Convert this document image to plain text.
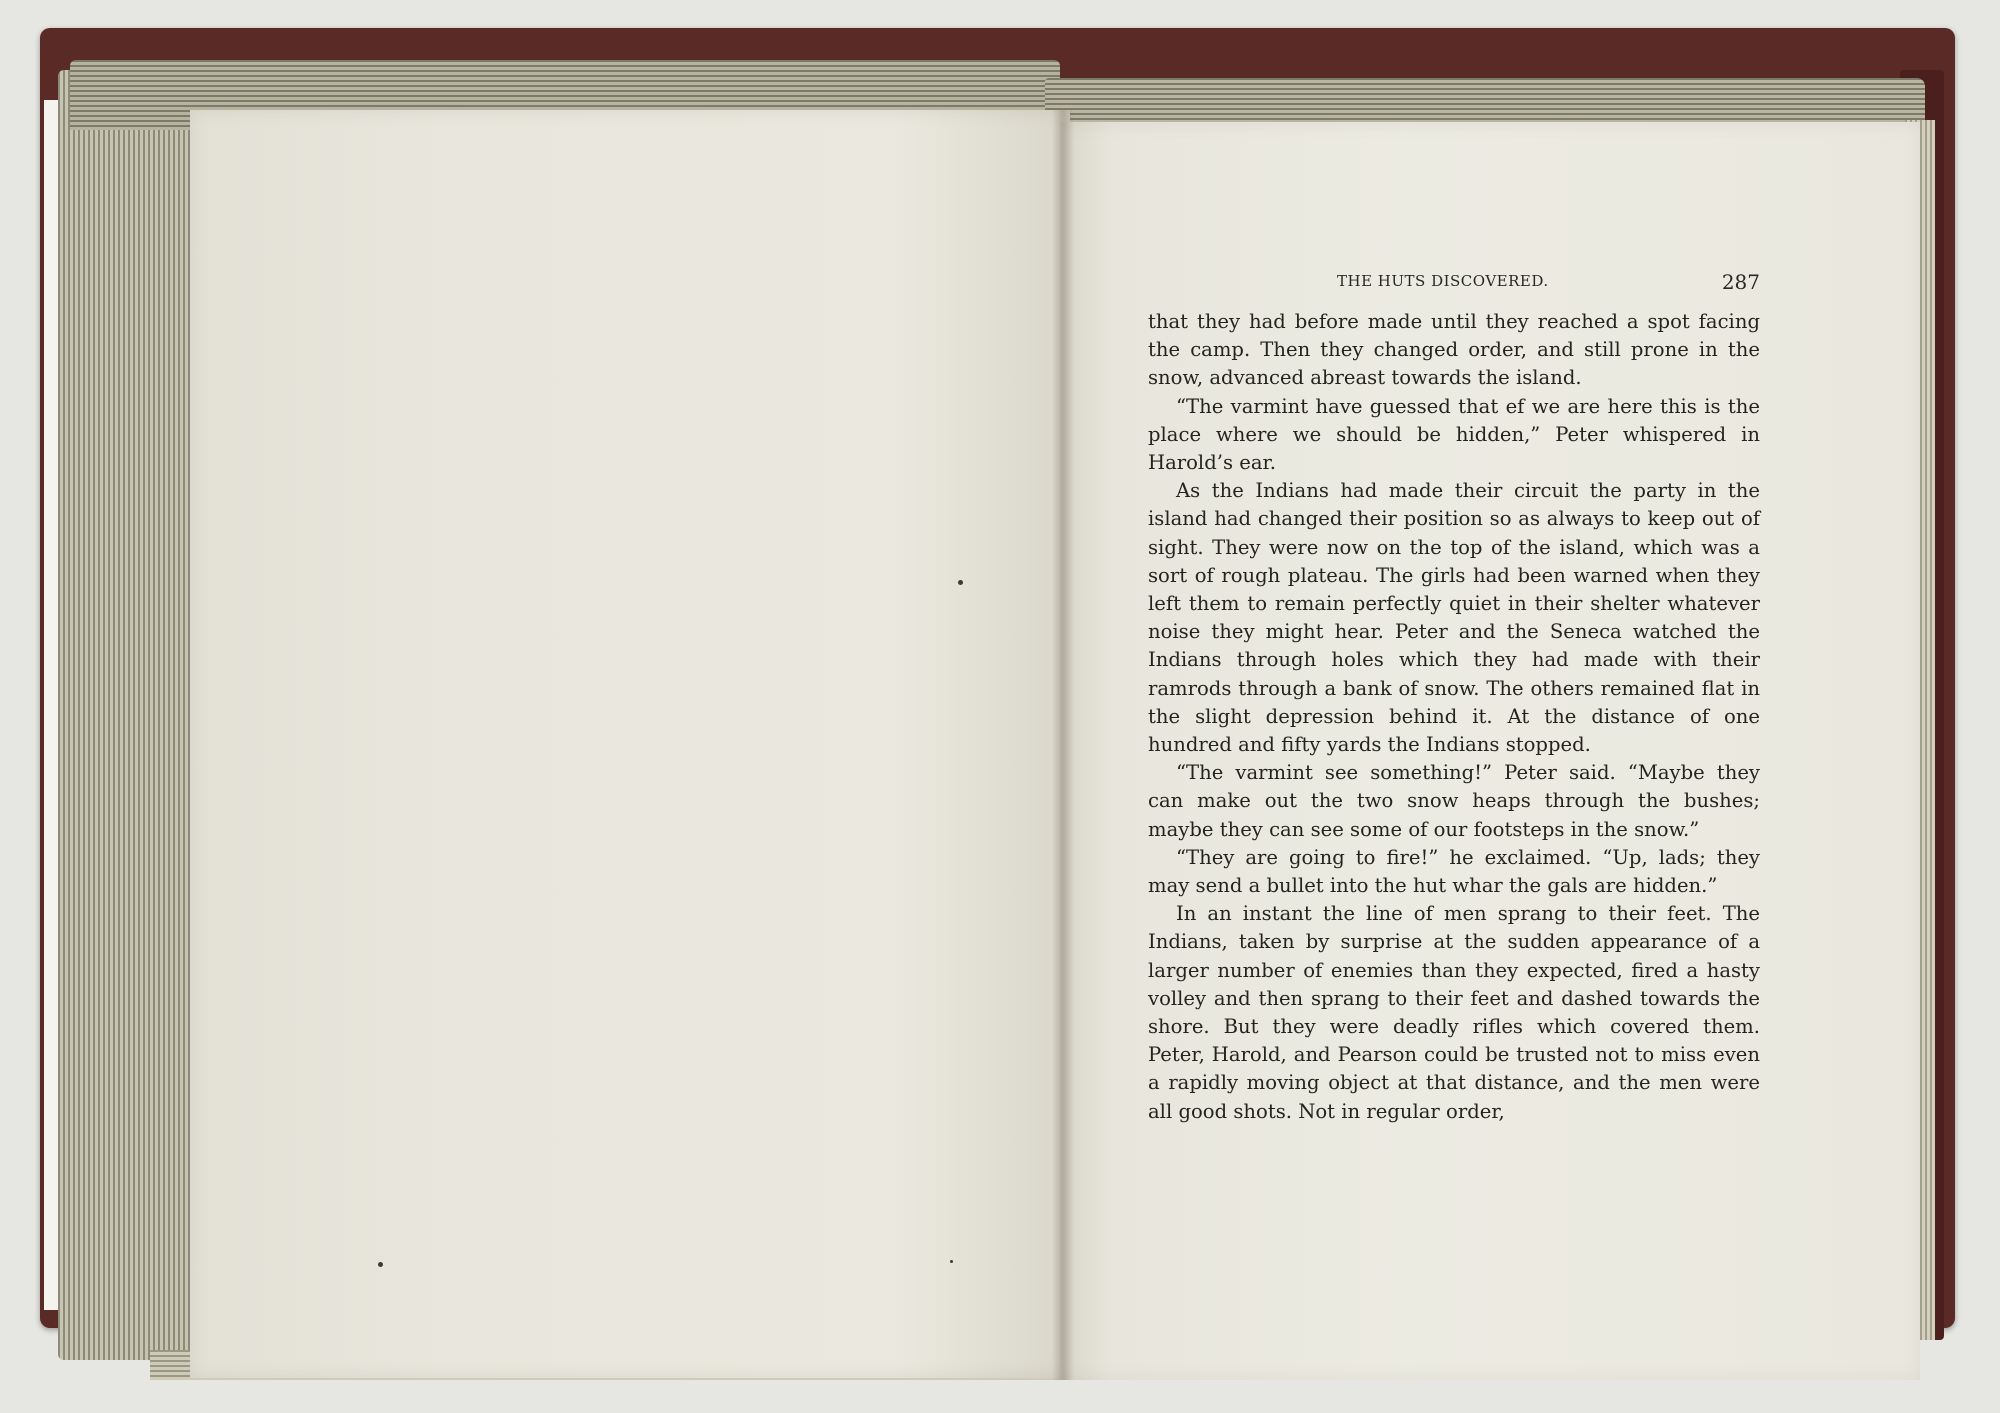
THE HUTS DISCOVERED.	287

that they had before made until they reached a spot facing the camp. Then they changed order, and still prone in the snow, advanced abreast towards the island.

“The varmint have guessed that ef we are here this is the place where we should be hidden,” Peter whispered in Harold’s ear.

As the Indians had made their circuit the party in the island had changed their position so as always to keep out of sight. They were now on the top of the island, which was a sort of rough plateau. The girls had been warned when they left them to remain perfectly quiet in their shelter whatever noise they might hear. Peter and the Seneca watched the Indians through holes which they had made with their ramrods through a bank of snow. The others remained flat in the slight depression behind it. At the distance of one hundred and fifty yards the Indians stopped.

“The varmint see something!” Peter said. “Maybe they can make out the two snow heaps through the bushes; maybe they can see some of our footsteps in the snow.”

“They are going to fire!” he exclaimed. “Up, lads; they may send a bullet into the hut whar the gals are hidden.”

In an instant the line of men sprang to their feet. The Indians, taken by surprise at the sudden appearance of a larger number of enemies than they expected, fired a hasty volley and then sprang to their feet and dashed towards the shore. But they were deadly rifles which covered them. Peter, Harold, and Pearson could be trusted not to miss even a rapidly moving object at that distance, and the men were all good shots. Not in regular order,
